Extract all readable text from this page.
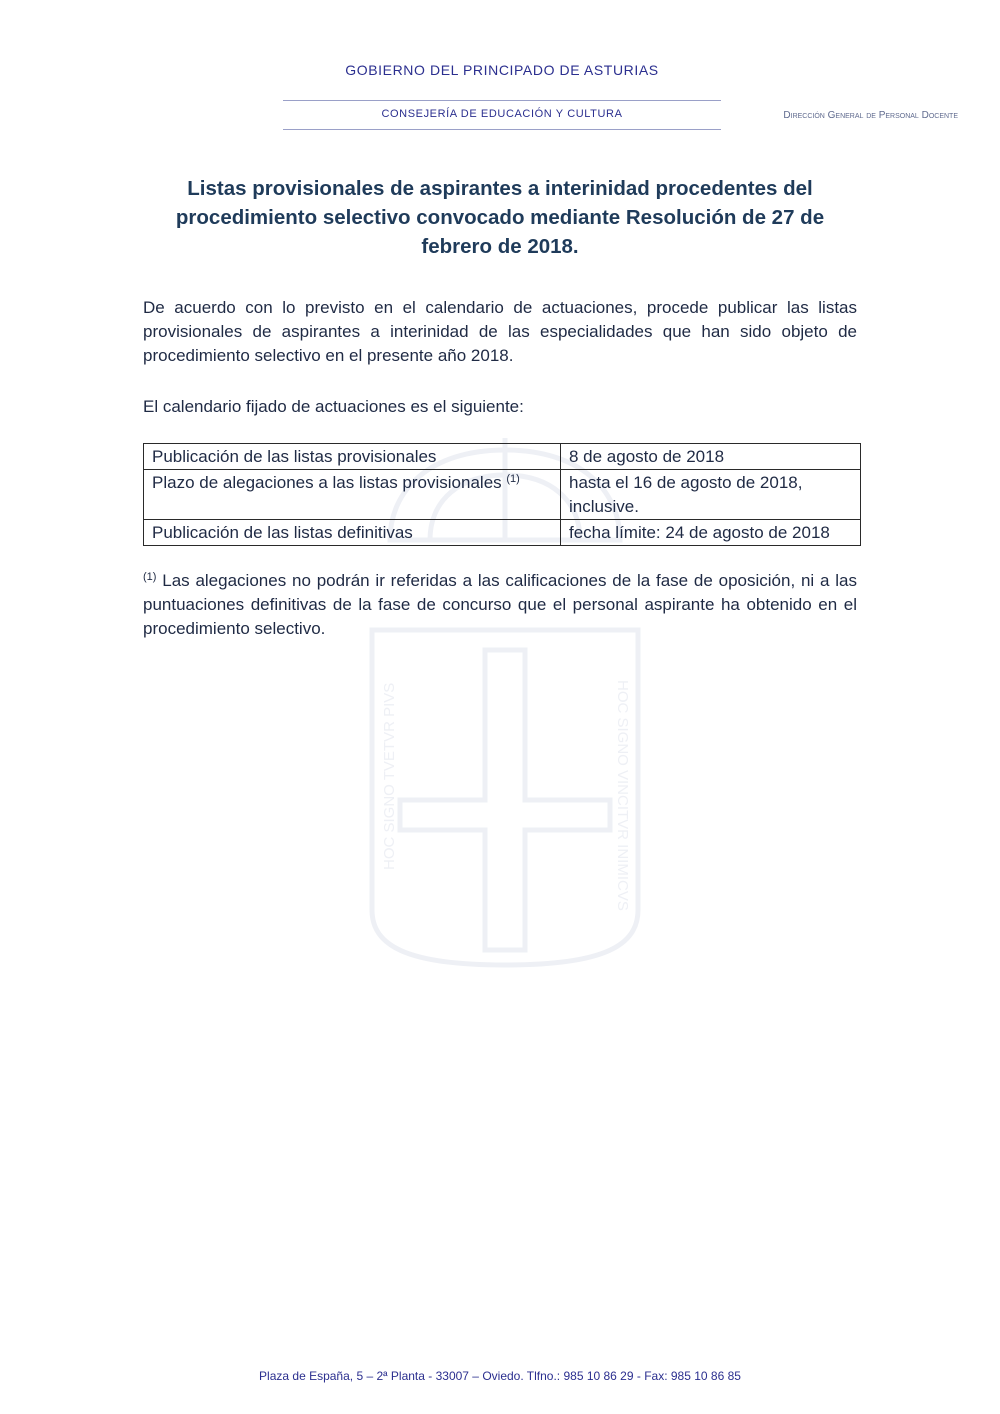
GOBIERNO DEL PRINCIPADO DE ASTURIAS
CONSEJERÍA DE EDUCACIÓN Y CULTURA	Dirección General de Personal Docente
HOC SIGNO TVETVR PIVS	HOC SIGNO VINCITVR INIMICVS
Listas provisionales de aspirantes a interinidad procedentes del procedimiento selectivo convocado mediante Resolución de 27 de febrero de 2018.
De acuerdo con lo previsto en el calendario de actuaciones, procede publicar las listas provisionales de aspirantes a interinidad de las especialidades que han sido objeto de procedimiento selectivo en el presente año 2018.
El calendario fijado de actuaciones es el siguiente:
Publicación de las listas provisionales	8 de agosto de 2018
Plazo de alegaciones a las listas provisionales $^{(1)}$	hasta el 16 de agosto de 2018, inclusive.
Publicación de las listas definitivas	fecha límite: 24 de agosto de 2018
$^{(1)}$ Las alegaciones no podrán ir referidas a las calificaciones de la fase de oposición, ni a las puntuaciones definitivas de la fase de concurso que el personal aspirante ha obtenido en el procedimiento selectivo.
Plaza de España, 5 – 2ª Planta - 33007 – Oviedo. Tlfno.: 985 10 86 29 - Fax: 985 10 86 85
